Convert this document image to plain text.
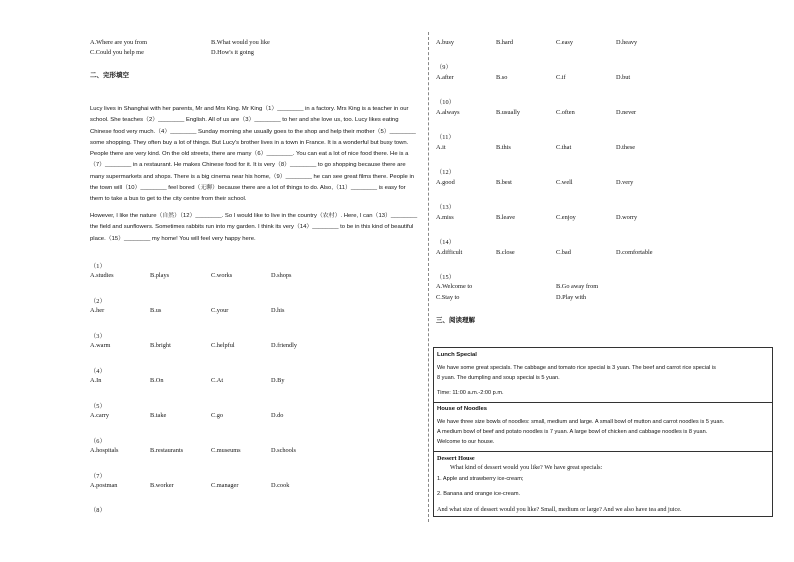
A.Where are you from	B.What would you like
C.Could you help me	D.How's it going
二、完形填空
Lucy lives in Shanghai with her parents, Mr and Mrs King. Mr King（1）________ in a factory. Mrs King is a teacher in our school. She teaches（2）________ English. All of us are（3）________ to her and she love us, too. Lucy likes eating Chinese food very much.（4）________ Sunday morning she usually goes to the shop and help their mother（5）________ some shopping. They often buy a lot of things. But Lucy's brother lives in a town in France. It is a wonderful but busy town. People there are very kind. On the old streets, there are many（6）________. You can eat a lot of nice food there. He is a（7）________ in a restaurant. He makes Chinese food for it. It is very（8）________ to go shopping because there are many supermarkets and shops. There is a big cinema near his home,（9）________ he can see great films there. People in the town will（10）________ feel bored（无聊）because there are a lot of things to do. Also,（11）________ is easy for them to take a bus to get to the city centre from their school.
However, I like the nature（自然）（12）________. So I would like to live in the country（农村）. Here, I can（13）________ the field and sunflowers. Sometimes rabbits run into my garden. I think its very（14）________ to be in this kind of beautiful place.（15）________ my home! You will feel very happy here.
（1）
A.studies	B.plays	C.works	D.shops
（2）
A.her	B.us	C.your	D.his
（3）
A.warm	B.bright	C.helpful	D.friendly
（4）
A.In	B.On	C.At	D.By
（5）
A.carry	B.take	C.go	D.do
（6）
A.hospitals	B.restaurants	C.museums	D.schools
（7）
A.postman	B.worker	C.manager	D.cook
（8）
A.busy	B.hard	C.easy	D.heavy
（9）
A.after	B.so	C.if	D.but
（10）
A.always	B.usually	C.often	D.never
（11）
A.it	B.this	C.that	D.these
（12）
A.good	B.best	C.well	D.very
（13）
A.miss	B.leave	C.enjoy	D.worry
（14）
A.difficult	B.close	C.bad	D.comfortable
（15）
A.Welcome to	B.Go away from
C.Stay to	D.Play with
三、阅读理解
Lunch Special
We have some great specials. The cabbage and tomato rice special is 3 yuan. The beef and carrot rice special is
8 yuan. The dumpling and soup special is 5 yuan.
Time: 11:00 a.m.-2:00 p.m.
House of Noodles
We have three size bowls of noodles: small, medium and large. A small bowl of mutton and carrot noodles is 5 yuan.
A medium bowl of beef and potato noodles is 7 yuan. A large bowl of chicken and cabbage noodles is 8 yuan.
Welcome to our house.
Dessert House
What kind of dessert would you like? We have great specials:
1. Apple and strawberry ice-cream;
2. Banana and orange ice-cream.
And what size of dessert would you like? Small, medium or large? And we also have tea and juice.
